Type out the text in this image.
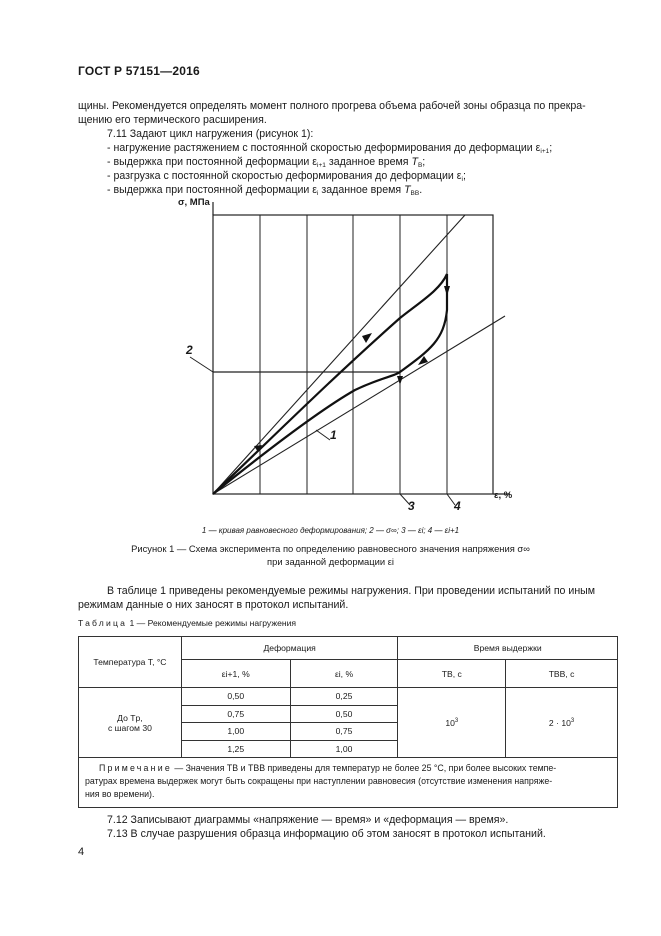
ГОСТ Р 57151—2016
щины. Рекомендуется определять момент полного прогрева объема рабочей зоны образца по прекра-
щению его термического расширения.
7.11 Задают цикл нагружения (рисунок 1):
- нагружение растяжением с постоянной скоростью деформирования до деформации $\varepsilon_{i+1}$;
- выдержка при постоянной деформации $\varepsilon_{i+1}$ заданное время $T_В$;
- разгрузка с постоянной скоростью деформирования до деформации $\varepsilon_i$;
- выдержка при постоянной деформации $\varepsilon_i$ заданное время $T_{ВВ}$.
σ, МПа
ε, %
1
2
3	4
1 — кривая равновесного деформирования; 2 — σ∞; 3 — εi; 4 — εi+1
Рисунок 1 — Схема эксперимента по определению равновесного значения напряжения σ∞
при заданной деформации εi
В таблице 1 приведены рекомендуемые режимы нагружения. При проведении испытаний по иным
режимам данные о них заносят в протокол испытаний.
Таблица 1 — Рекомендуемые режимы нагружения
Температура T, °C	Деформация		Время выдержки	
	εi+1, %	εi, %	TВ, с	TВВ, с

До Tр,
с шагом 30	0,50	0,25	$10^3$	$2 \cdot 10^3$
	0,75	0,50		
	1,00	0,75		
	1,25	1,00		

Примечание — Значения TВ и TВВ приведены для температур не более 25 °С, при более высоких темпе-
ратурах времена выдержек могут быть сокращены при наступлении равновесия (отсутствие изменения напряже-
ния во времени).				
7.12 Записывают диаграммы «напряжение — время» и «деформация — время».
7.13 В случае разрушения образца информацию об этом заносят в протокол испытаний.
4
